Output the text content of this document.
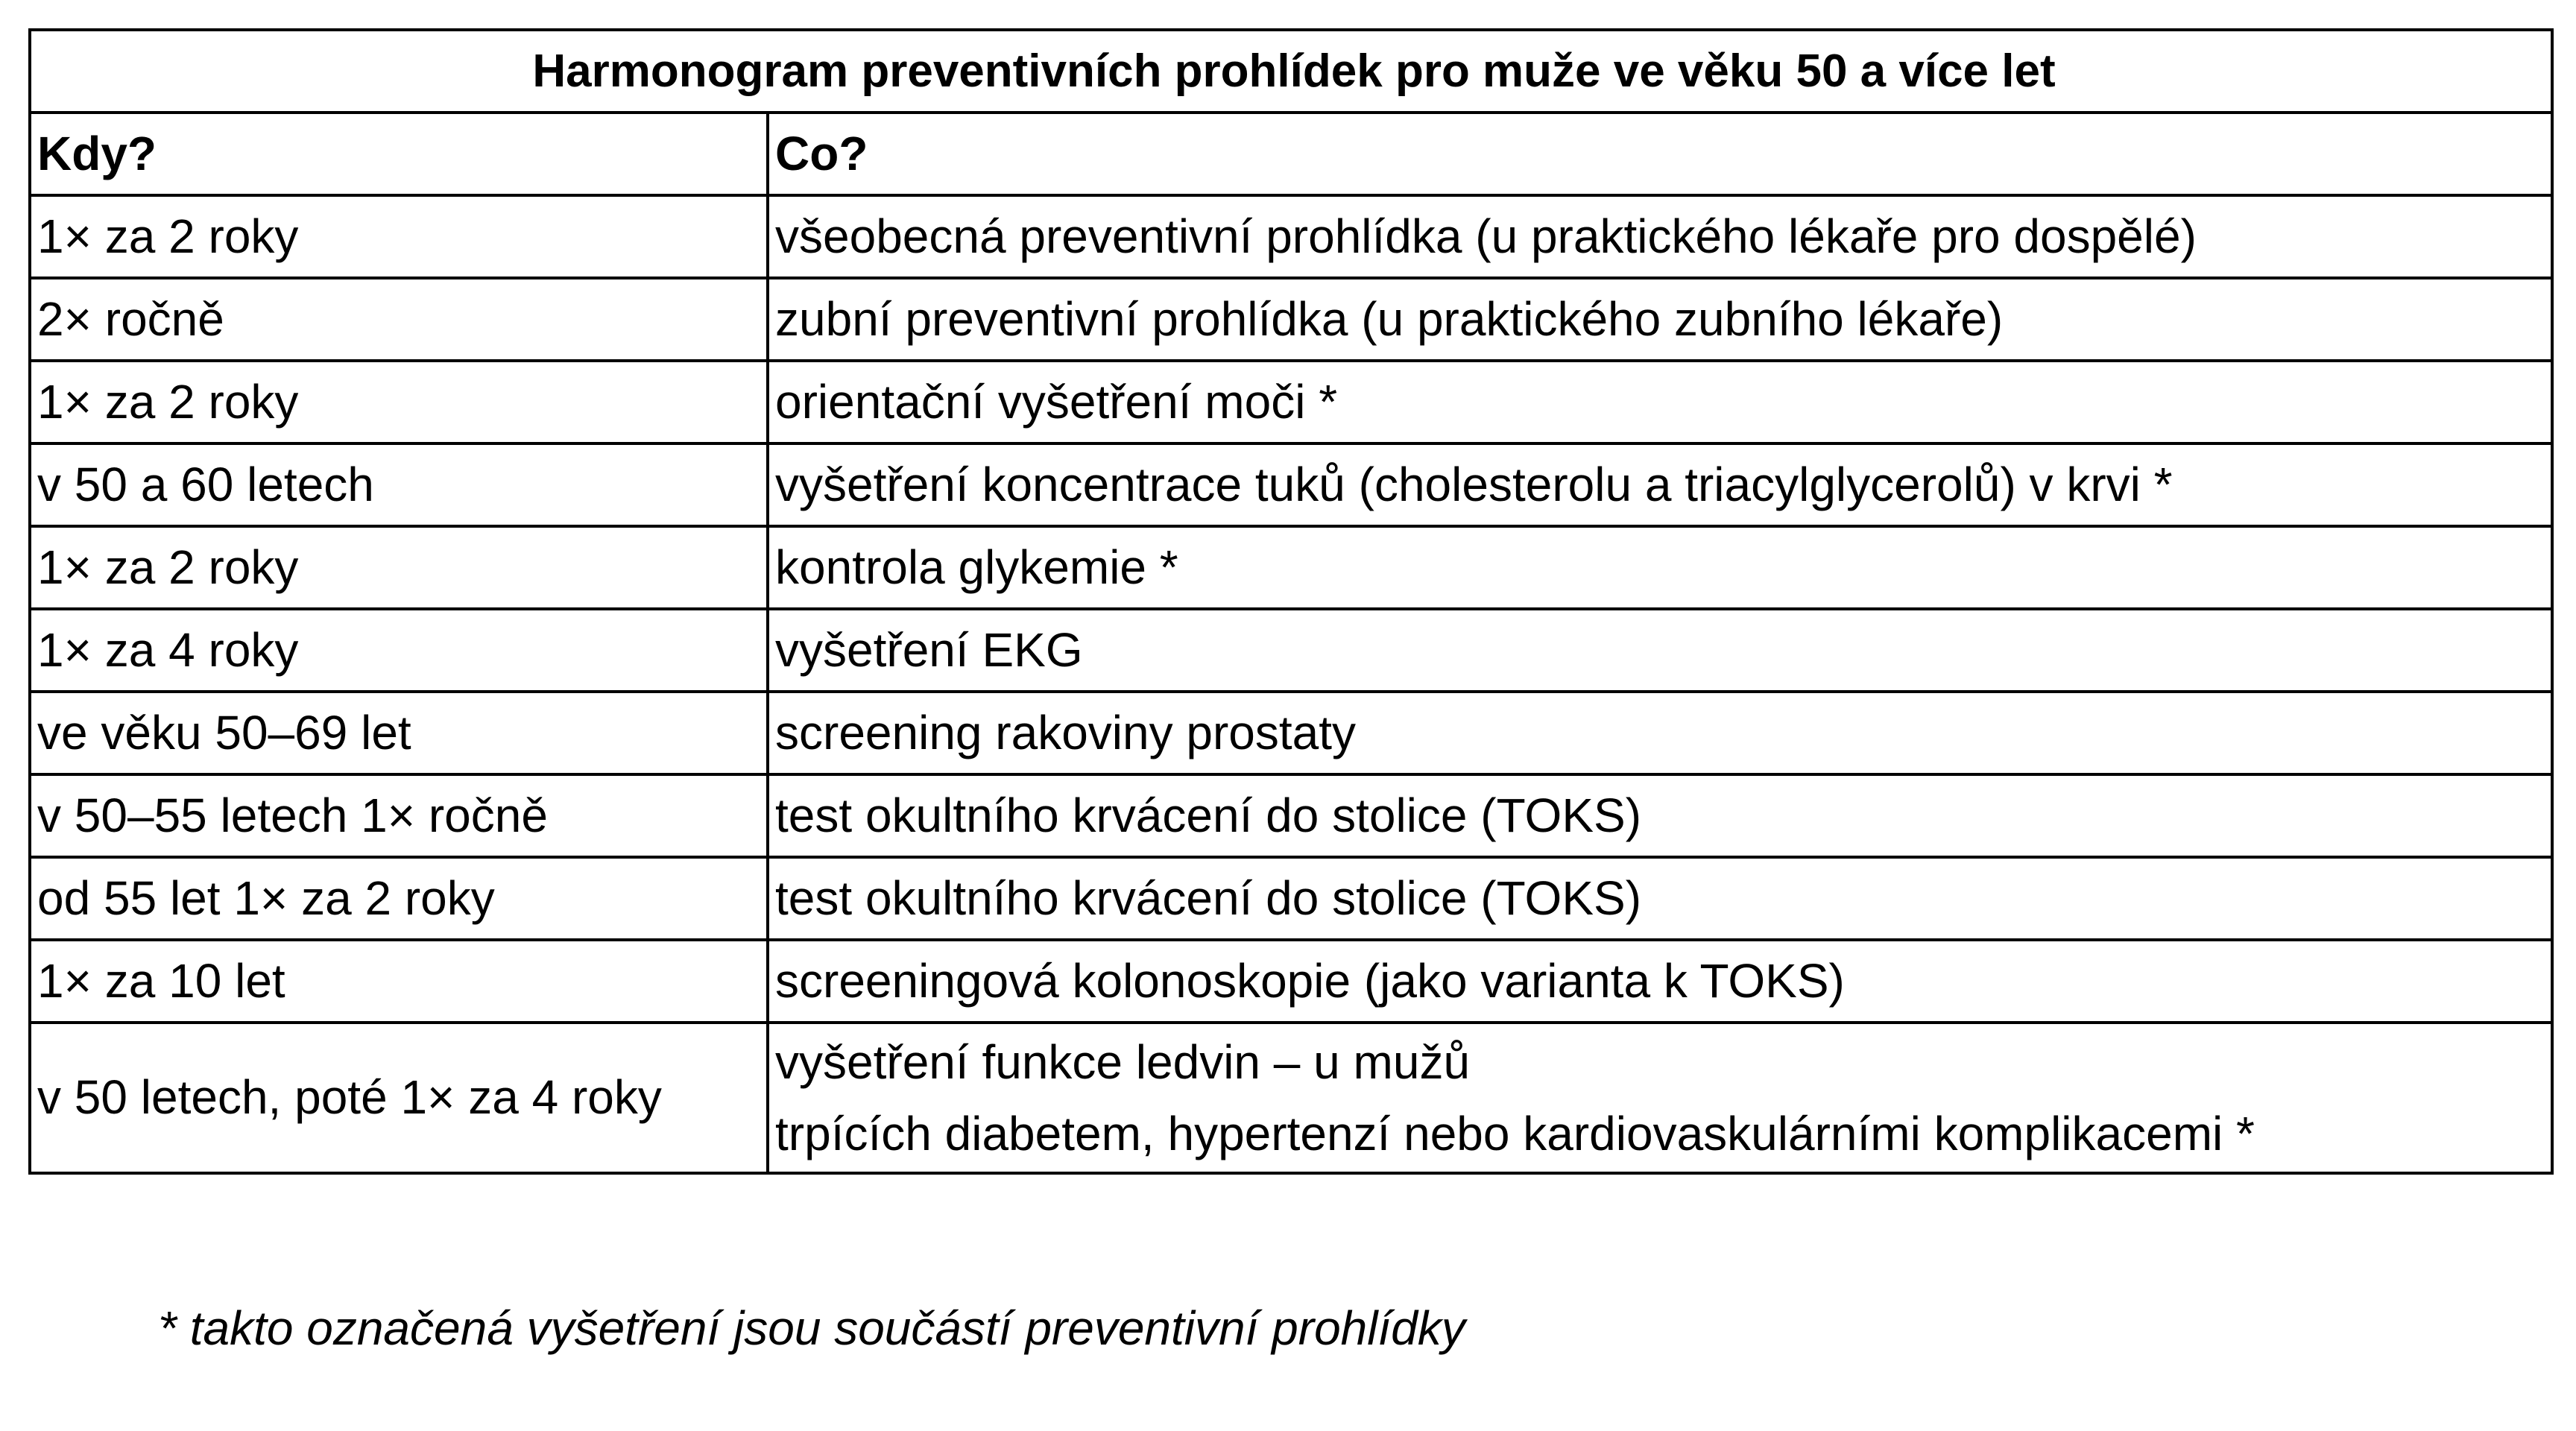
Harmonogram preventivních prohlídek pro muže ve věku 50 a více let	
Kdy?	Co?
1× za 2 roky	všeobecná preventivní prohlídka (u praktického lékaře pro dospělé)
2× ročně	zubní preventivní prohlídka (u praktického zubního lékaře)
1× za 2 roky	orientační vyšetření moči *
v 50 a 60 letech	vyšetření koncentrace tuků (cholesterolu a triacylglycerolů) v krvi *
1× za 2 roky	kontrola glykemie *
1× za 4 roky	vyšetření EKG
ve věku 50–69 let	screening rakoviny prostaty
v 50–55 letech 1× ročně	test okultního krvácení do stolice (TOKS)
od 55 let 1× za 2 roky	test okultního krvácení do stolice (TOKS)
1× za 10 let	screeningová kolonoskopie (jako varianta k TOKS)
v 50 letech, poté 1× za 4 roky	vyšetření funkce ledvin – u mužů
trpících diabetem, hypertenzí nebo kardiovaskulárními komplikacemi *
* takto označená vyšetření jsou součástí preventivní prohlídky
